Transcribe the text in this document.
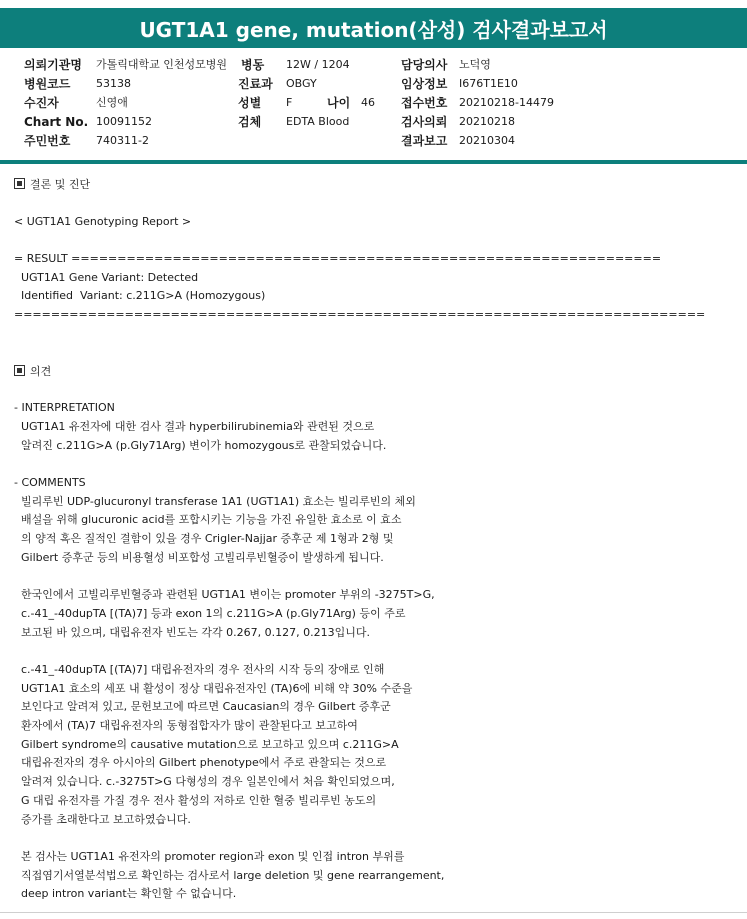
UGT1A1 gene, mutation(삼성) 검사결과보고서
의뢰기관명 가톨릭대학교 인천성모병원 병동 12W / 1204	담당의사 노덕영
병원코드 53138	진료과 OBGY	임상정보 I676T1E10
수진자	신영애	성별 F	나이 46 접수번호 20210218-14479
Chart No. 10091152	검체 EDTA Blood	검사의뢰 20210218
주민번호 740311-2	결과보고 20210304
결론 및 진단
< UGT1A1 Genotyping Report >
= RESULT ================================================================
UGT1A1 Gene Variant: Detected
Identified  Variant: c.211G>A (Homozygous)
===========================================================================
의견
- INTERPRETATION
UGT1A1 유전자에 대한 검사 결과 hyperbilirubinemia와 관련된 것으로
알려진 c.211G>A (p.Gly71Arg) 변이가 homozygous로 관찰되었습니다.
- COMMENTS
빌리루빈 UDP-glucuronyl transferase 1A1 (UGT1A1) 효소는 빌리루빈의 체외
배설을 위해 glucuronic acid를 포합시키는 기능을 가진 유일한 효소로 이 효소
의 양적 혹은 질적인 결함이 있을 경우 Crigler-Najjar 증후군 제 1형과 2형 및
Gilbert 증후군 등의 비용혈성 비포합성 고빌리루빈혈증이 발생하게 됩니다.
한국인에서 고빌리루빈혈증과 관련된 UGT1A1 변이는 promoter 부위의 -3275T>G,
c.-41_-40dupTA [(TA)7] 등과 exon 1의 c.211G>A (p.Gly71Arg) 등이 주로
보고된 바 있으며, 대립유전자 빈도는 각각 0.267, 0.127, 0.213입니다.
c.-41_-40dupTA [(TA)7] 대립유전자의 경우 전사의 시작 등의 장애로 인해
UGT1A1 효소의 세포 내 활성이 정상 대립유전자인 (TA)6에 비해 약 30% 수준을
보인다고 알려져 있고, 문헌보고에 따르면 Caucasian의 경우 Gilbert 증후군
환자에서 (TA)7 대립유전자의 동형접합자가 많이 관찰된다고 보고하여
Gilbert syndrome의 causative mutation으로 보고하고 있으며 c.211G>A
대립유전자의 경우 아시아의 Gilbert phenotype에서 주로 관찰되는 것으로
알려져 있습니다. c.-3275T>G 다형성의 경우 일본인에서 처음 확인되었으며,
G 대립 유전자를 가질 경우 전사 활성의 저하로 인한 혈중 빌리루빈 농도의
증가를 초래한다고 보고하였습니다.
본 검사는 UGT1A1 유전자의 promoter region과 exon 및 인접 intron 부위를
직접염기서열분석법으로 확인하는 검사로서 large deletion 및 gene rearrangement,
deep intron variant는 확인할 수 없습니다.
